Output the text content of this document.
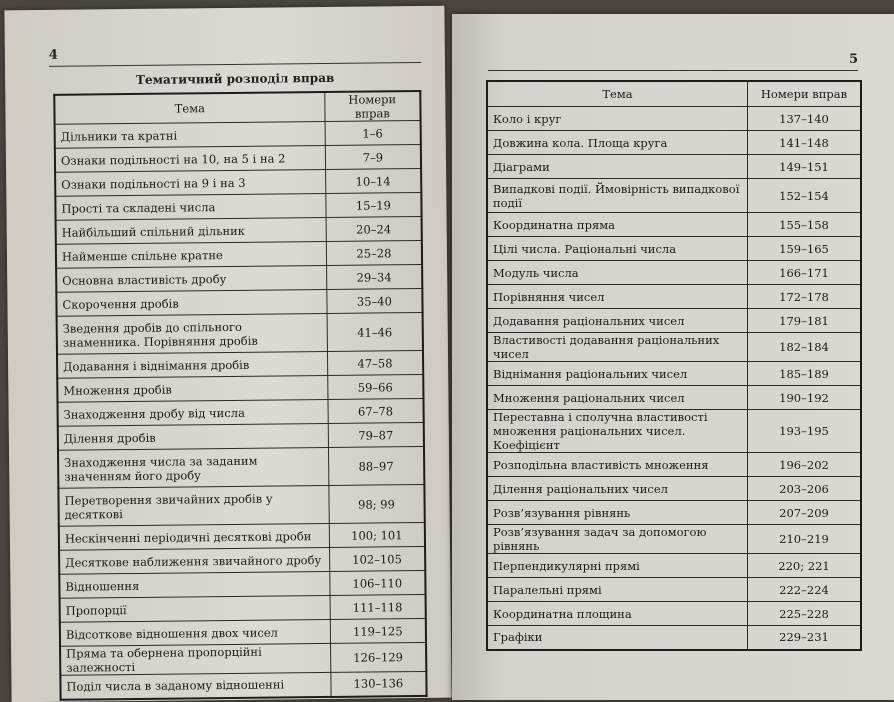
4
Тематичний розподіл вправ
Тема	Номери вправ
Дільники та кратні	1–6
Ознаки подільності на 10, на 5 і на 2	7–9
Ознаки подільності на 9 і на 3	10–14
Прості та складені числа	15–19
Найбільший спільний дільник	20–24
Найменше спільне кратне	25–28
Основна властивість дробу	29–34
Скорочення дробів	35–40
Зведення дробів до спільного знаменника. Порівняння дробів	41–46
Додавання і віднімання дробів	47–58
Множення дробів	59–66
Знаходження дробу від числа	67–78
Ділення дробів	79–87
Знаходження числа за заданим значенням його дробу	88–97
Перетворення звичайних дробів у десяткові	98; 99
Нескінченні періодичні десяткові дроби	100; 101
Десяткове наближення звичайного дробу	102–105
Відношення	106–110
Пропорції	111–118
Відсоткове відношення двох чисел	119–125
Пряма та обернена пропорційні залежності	126–129
Поділ числа в заданому відношенні	130–136
5
Тема	Номери вправ
Коло і круг	137–140
Довжина кола. Площа круга	141–148
Діаграми	149–151
Випадкові події. Ймовірність випадкової події	152–154
Координатна пряма	155–158
Цілі числа. Раціональні числа	159–165
Модуль числа	166–171
Порівняння чисел	172–178
Додавання раціональних чисел	179–181
Властивості додавання раціональних чисел	182–184
Віднімання раціональних чисел	185–189
Множення раціональних чисел	190–192
Переставна і сполучна властивості множення раціональних чисел. Коефіцієнт	193–195
Розподільна властивість множення	196–202
Ділення раціональних чисел	203–206
Розв’язування рівнянь	207–209
Розв’язування задач за допомогою рівнянь	210–219
Перпендикулярні прямі	220; 221
Паралельні прямі	222–224
Координатна площина	225–228
Графіки	229–231
